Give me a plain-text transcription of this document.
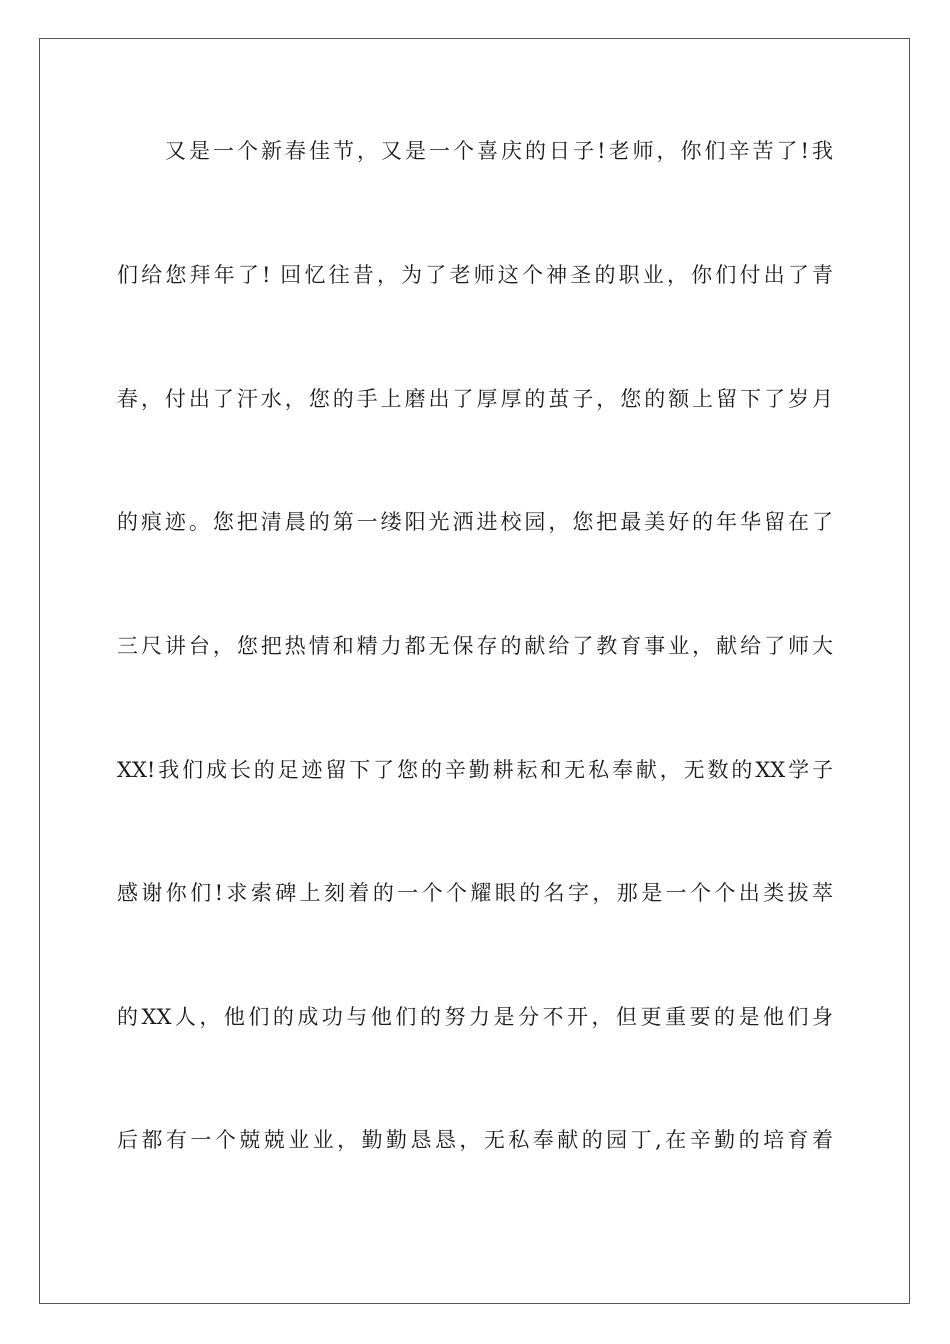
又是一个新春佳节，又是一个喜庆的日子!老师，你们辛苦了!我
们给您拜年了! 回忆往昔，为了老师这个神圣的职业，你们付出了青
春，付出了汗水，您的手上磨出了厚厚的茧子，您的额上留下了岁月
的痕迹。您把清晨的第一缕阳光洒进校园，您把最美好的年华留在了
三尺讲台，您把热情和精力都无保存的献给了教育事业，献给了师大
XX!我们成长的足迹留下了您的辛勤耕耘和无私奉献，无数的XX学子
感谢你们!求索碑上刻着的一个个耀眼的名字，那是一个个出类拔萃
的XX人，他们的成功与他们的努力是分不开，但更重要的是他们身
后都有一个兢兢业业，勤勤恳恳，无私奉献的园丁,在辛勤的培育着
